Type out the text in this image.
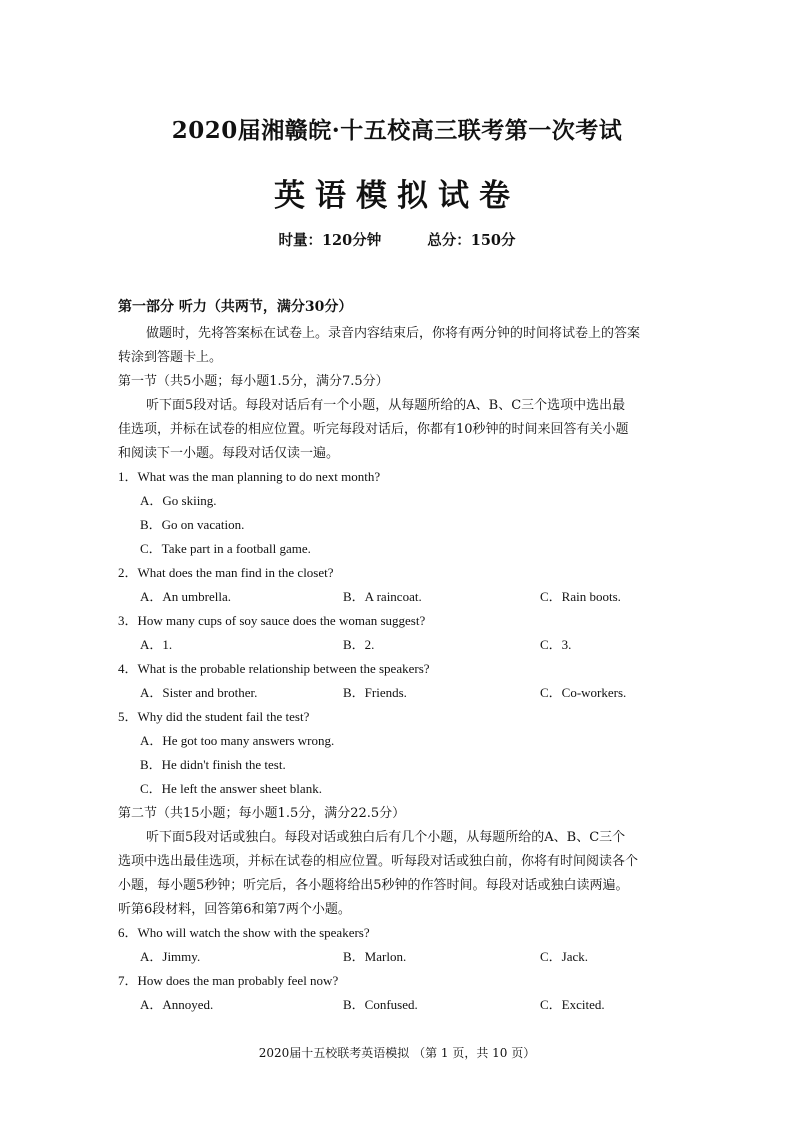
2020届湘赣皖·十五校高三联考第一次考试
英语模拟试卷
时量：120分钟	总分：150分
第一部分 听力（共两节，满分30分）
做题时，先将答案标在试卷上。录音内容结束后，你将有两分钟的时间将试卷上的答案
转涂到答题卡上。
第一节（共5小题；每小题1.5分，满分7.5分）
听下面5段对话。每段对话后有一个小题，从每题所给的A、B、C三个选项中选出最
佳选项，并标在试卷的相应位置。听完每段对话后，你都有10秒钟的时间来回答有关小题
和阅读下一小题。每段对话仅读一遍。
1．What was the man planning to do next month?
A．Go skiing.
B．Go on vacation.
C．Take part in a football game.
2．What does the man find in the closet?
A．An umbrella.	B．A raincoat.	C．Rain boots.
3．How many cups of soy sauce does the woman suggest?
A．1.	B．2.	C．3.
4．What is the probable relationship between the speakers?
A．Sister and brother.	B．Friends.	C．Co-workers.
5．Why did the student fail the test?
A．He got too many answers wrong.
B．He didn't finish the test.
C．He left the answer sheet blank.
第二节（共15小题；每小题1.5分，满分22.5分）
听下面5段对话或独白。每段对话或独白后有几个小题，从每题所给的A、B、C三个
选项中选出最佳选项，并标在试卷的相应位置。听每段对话或独白前，你将有时间阅读各个
小题，每小题5秒钟；听完后，各小题将给出5秒钟的作答时间。每段对话或独白读两遍。
听第6段材料，回答第6和第7两个小题。
6．Who will watch the show with the speakers?
A．Jimmy.	B．Marlon.	C．Jack.
7．How does the man probably feel now?
A．Annoyed.	B．Confused.	C．Excited.
2020届十五校联考英语模拟 （第 1 页，共 10 页）
